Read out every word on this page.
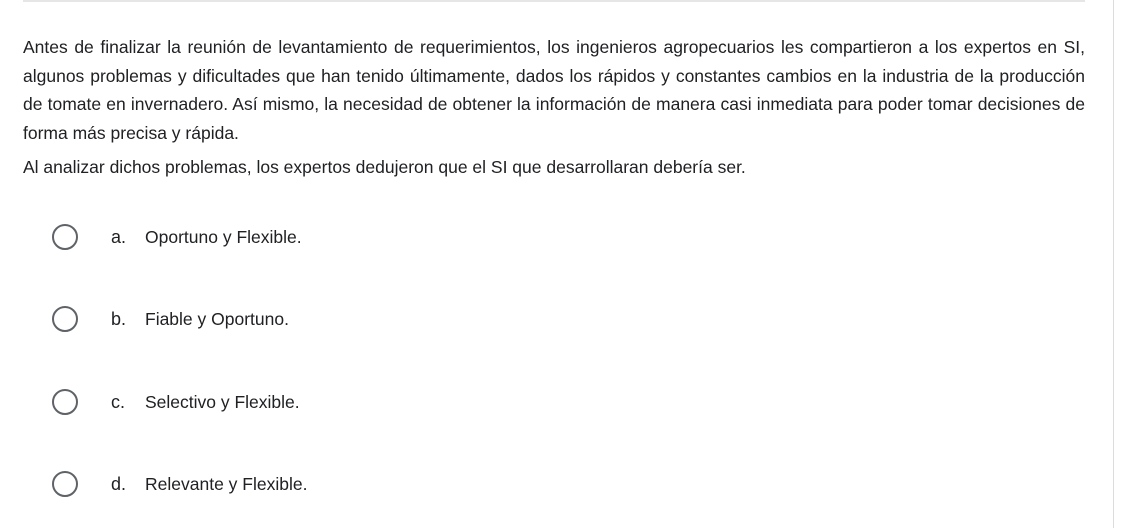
Antes de finalizar la reunión de levantamiento de requerimientos, los ingenieros agropecuarios les compartieron a los expertos en SI, algunos problemas y dificultades que han tenido últimamente, dados los rápidos y constantes cambios en la industria de la producción de tomate en invernadero. Así mismo, la necesidad de obtener la información de manera casi inmediata para poder tomar decisiones de forma más precisa y rápida.

Al analizar dichos problemas, los expertos dedujeron que el SI que desarrollaran debería ser.

a.	Oportuno y Flexible.
b.	Fiable y Oportuno.
c.	Selectivo y Flexible.
d.	Relevante y Flexible.
